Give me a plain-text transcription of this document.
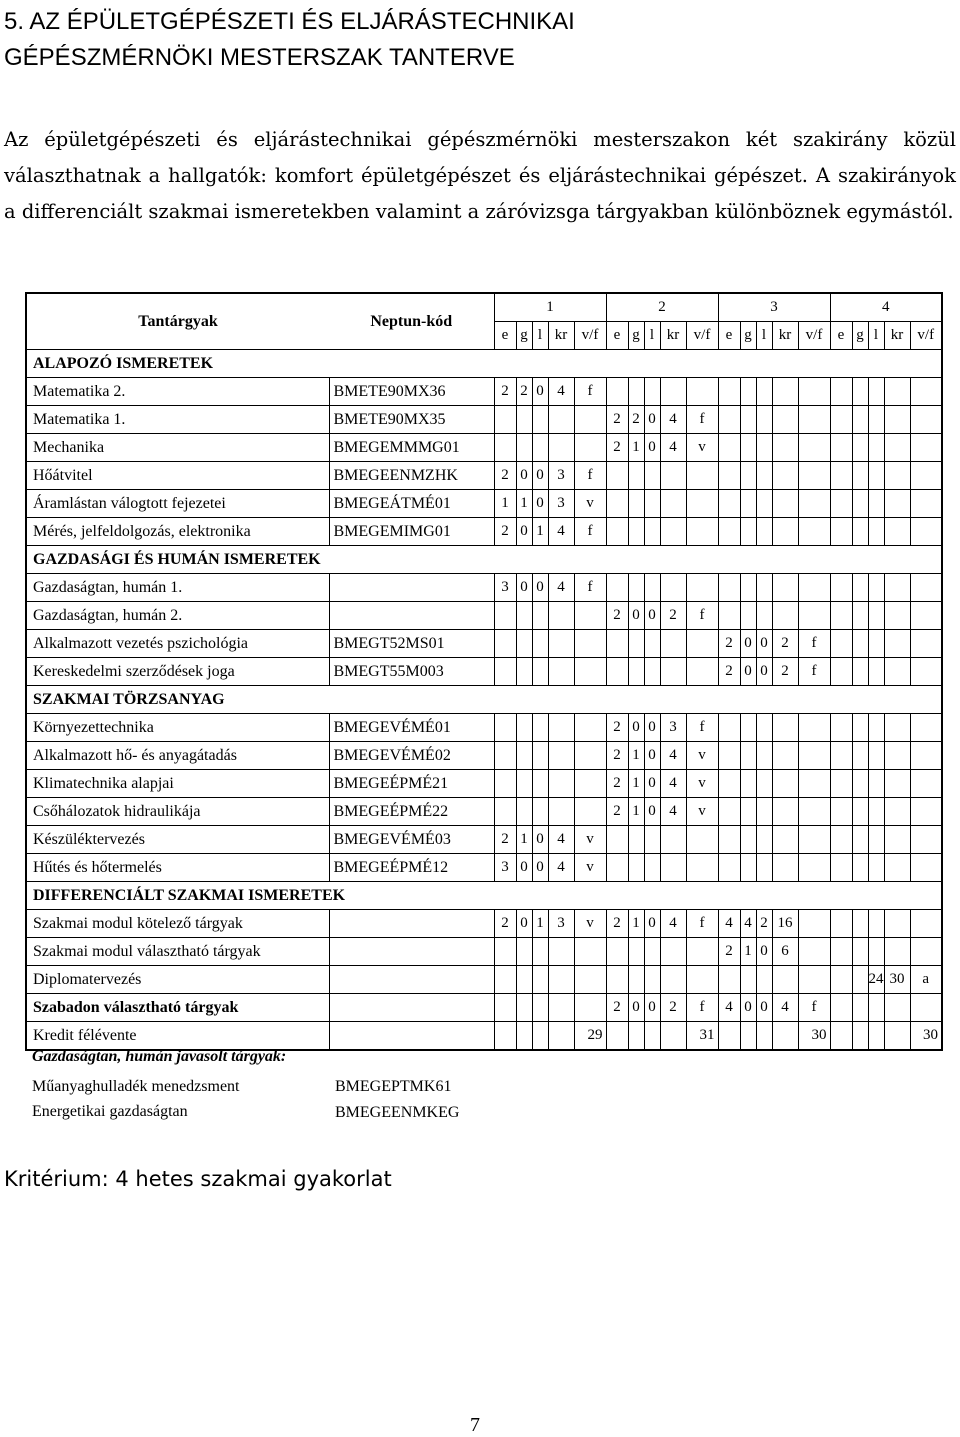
5. AZ ÉPÜLETGÉPÉSZETI ÉS ELJÁRÁSTECHNIKAI
GÉPÉSZMÉRNÖKI MESTERSZAK TANTERVE

Az épületgépészeti és eljárástechnikai gépészmérnöki mesterszakon két szakirány közül választhatnak a hallgatók: komfort épületgépészet és eljárástechnikai gépészet. A szakirányok a differenciált szakmai ismeretekben valamint a záróvizsga tárgyakban különböznek egymástól.

Tantárgyak	Neptun-kód	1					2					3					4				
		e	g	l	kr	v/f	e	g	l	kr	v/f	e	g	l	kr	v/f	e	g	l	kr	v/f
ALAPOZÓ ISMERETEK																					
Matematika 2.	BMETE90MX36	2	2	0	4	f															
Matematika 1.	BMETE90MX35						2	2	0	4	f										
Mechanika	BMEGEMMMG01						2	1	0	4	v										
Hőátvitel	BMEGEENMZHK	2	0	0	3	f															
Áramlástan válogtott fejezetei	BMEGEÁTMÉ01	1	1	0	3	v															
Mérés, jelfeldolgozás, elektronika	BMEGEMIMG01	2	0	1	4	f															
GAZDASÁGI ÉS HUMÁN ISMERETEK																					
Gazdaságtan, humán 1.		3	0	0	4	f															
Gazdaságtan, humán 2.							2	0	0	2	f										
Alkalmazott vezetés pszichológia	BMEGT52MS01											2	0	0	2	f					
Kereskedelmi szerződések joga	BMEGT55M003											2	0	0	2	f					
SZAKMAI TÖRZSANYAG																					
Környezettechnika	BMEGEVÉMÉ01						2	0	0	3	f										
Alkalmazott hő- és anyagátadás	BMEGEVÉMÉ02						2	1	0	4	v										
Klimatechnika alapjai	BMEGEÉPMÉ21						2	1	0	4	v										
Csőhálozatok hidraulikája	BMEGEÉPMÉ22						2	1	0	4	v										
Készüléktervezés	BMEGEVÉMÉ03	2	1	0	4	v															
Hűtés és hőtermelés	BMEGEÉPMÉ12	3	0	0	4	v															
DIFFERENCIÁLT SZAKMAI ISMERETEK																					
Szakmai modul kötelező tárgyak		2	0	1	3	v	2	1	0	4	f	4	4	2	16						
Szakmai modul választható tárgyak												2	1	0	6						
Diplomatervezés																			24	30	a
Szabadon választható tárgyak							2	0	0	2	f	4	0	0	4	f					
Kredit félévente						29					31					30					30
Gazdaságtan, humán javasolt tárgyak:
Műanyaghulladék menedzsment	BMEGEPTMK61
Energetikai gazdaságtan	BMEGEENMKEG
Kritérium: 4 hetes szakmai gyakorlat
7
